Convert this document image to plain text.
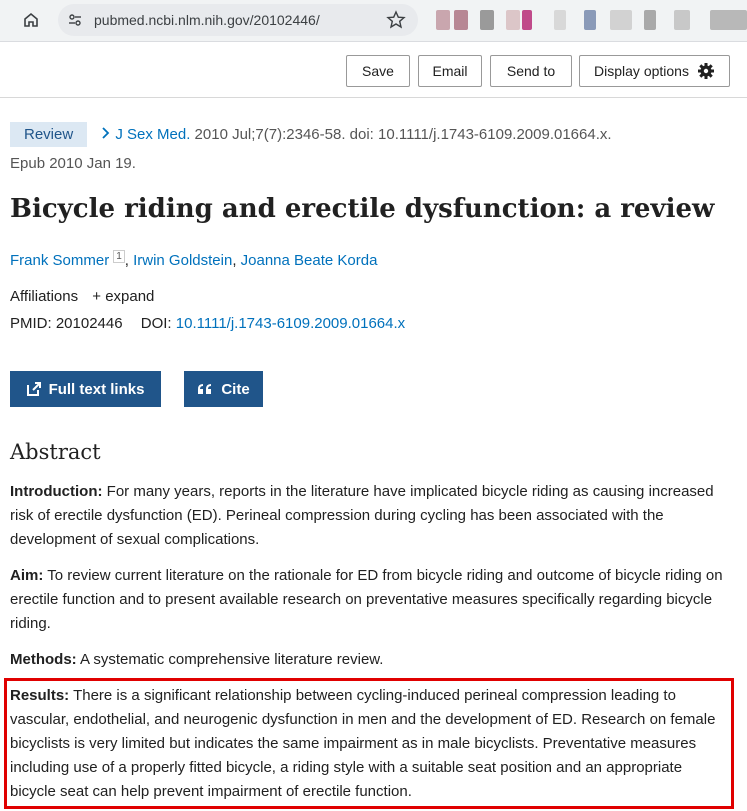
pubmed.ncbi.nlm.nih.gov/20102446/
Save	Email	Send to	Display options
Review	J Sex Med. 2010 Jul;7(7):2346-58. doi: 10.1111/j.1743-6109.2009.01664.x.
Epub 2010 Jan 19.
Bicycle riding and erectile dysfunction: a review
Frank Sommer $^1$ , Irwin Goldstein, Joanna Beate Korda
Affiliations + expand
PMID: 20102446 DOI: 10.1111/j.1743-6109.2009.01664.x
Full text links	Cite
Abstract

Introduction: For many years, reports in the literature have implicated bicycle riding as causing increased risk of erectile dysfunction (ED). Perineal compression during cycling has been associated with the development of sexual complications.

Aim: To review current literature on the rationale for ED from bicycle riding and outcome of bicycle riding on erectile function and to present available research on preventative measures specifically regarding bicycle riding.

Methods: A systematic comprehensive literature review.

Results: There is a significant relationship between cycling-induced perineal compression leading to vascular, endothelial, and neurogenic dysfunction in men and the development of ED. Research on female bicyclists is very limited but indicates the same impairment as in male bicyclists. Preventative measures including use of a properly fitted bicycle, a riding style with a suitable seat position and an appropriate bicycle seat can help prevent impairment of erectile function.
